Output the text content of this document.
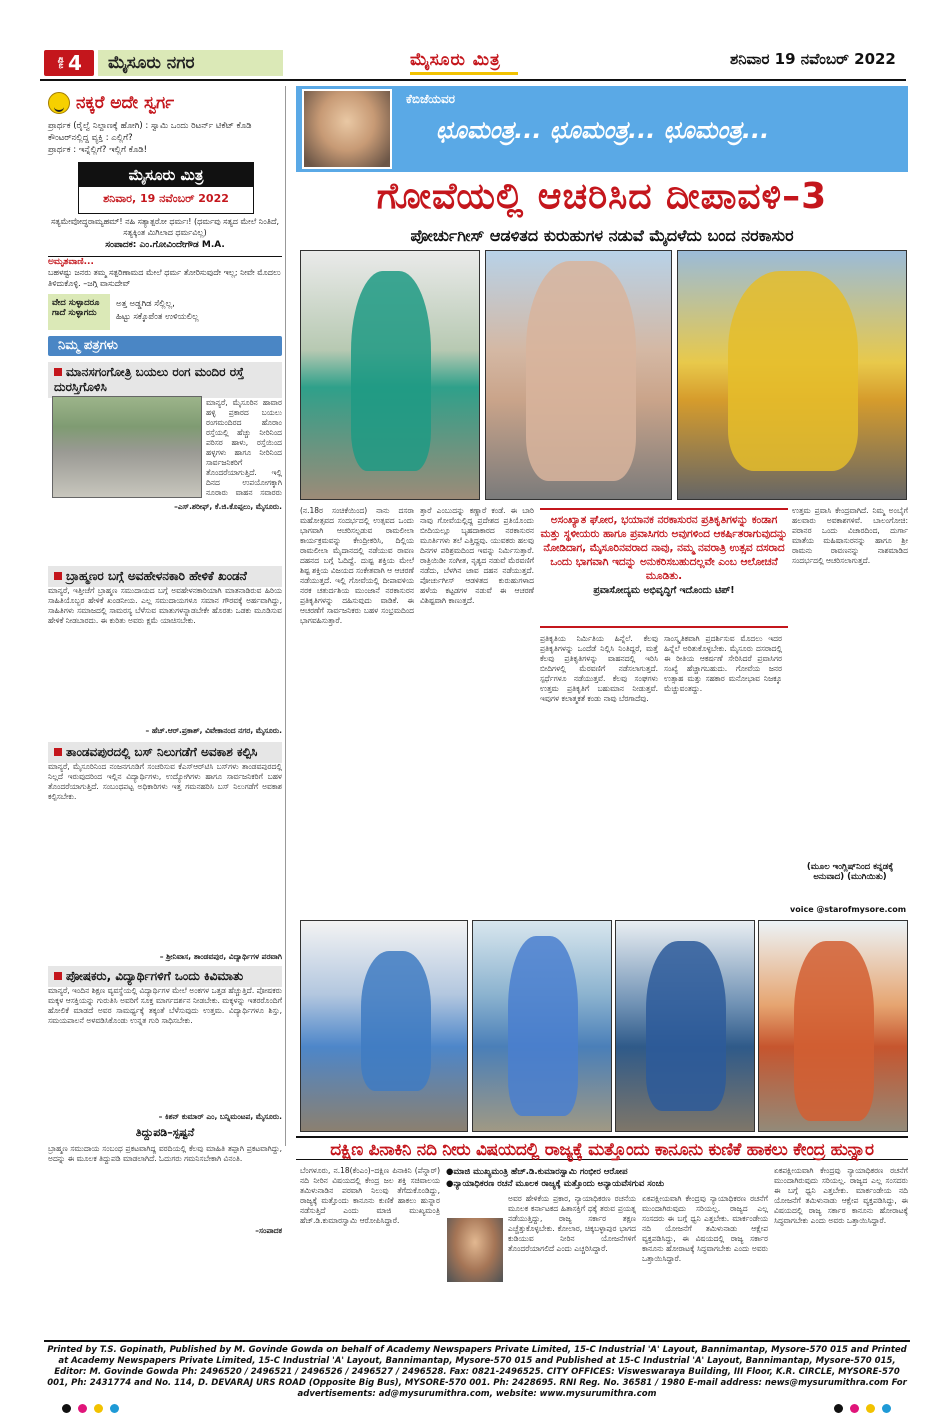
ಪುಟ 4	ಮೈಸೂರು ನಗರ	ಮೈಸೂರು ಮಿತ್ರ	ಶನಿವಾರ 19 ನವೆಂಬರ್ 2022
ನಕ್ಕರೆ ಅದೇ ಸ್ವರ್ಗ
ಪ್ರಾರ್ಥಕ (ರೈಲ್ವೆ ನಿಲ್ದಾಣಕ್ಕೆ ಹೋಗಿ) : ಸ್ವಾಮಿ ಒಂದು ರಿಟರ್ನ್ ಟಿಕೆಟ್ ಕೊಡಿ
ಕೌಂಟರ್‌ನಲ್ಲಿದ್ದ ವ್ಯಕ್ತಿ : ಎಲ್ಲಿಗೆ?
ಪ್ರಾರ್ಥಕ : ಇನ್ನೆಲ್ಲಿಗೆ? ಇಲ್ಲಿಗೆ ಕೊಡಿ!
ಮೈಸೂರು ಮಿತ್ರ
ಶನಿವಾರ, 19 ನವೆಂಬರ್ 2022
ಸತ್ಯಮೇವೋದ್ಧರಾಮ್ಯಹಮ್! ನಹಿ ಸತ್ಯಾತ್ಪರೋ ಧರ್ಮಃ! (ಧರ್ಮವು ಸತ್ಯದ ಮೇಲೆ ನಿಂತಿದೆ, ಸತ್ಯಕ್ಕಿಂತ ಮಿಗಿಲಾದ ಧರ್ಮವಿಲ್ಲ)
ಸಂಪಾದಕ: ಎಂ.ಗೋವಿಂದೇಗೌಡ M.A.
ಅಮೃತವಾಣಿ...
ಬಹಳಷ್ಟು ಜನರು ತಮ್ಮ ಸತ್ಪರಿಣಾಮದ ಮೇಲೆ ಧರ್ಮ ತೋರಿಸುವುದೇ ಇಲ್ಲ; ನೀವೇ ಮೊದಲು ತಿಳಿದುಕೊಳ್ಳಿ. –ಜಗ್ಗಿ ವಾಸುದೇವ್
ವೇದ ಸುಳ್ಳಾದರೂ ಗಾದೆ ಸುಳ್ಳಾಗದು
ಅತ್ತ ಅಡ್ಡಗಿಡ ಸೆಲ್ಲಿಲ್ಲ,
ಹಿಟ್ಟು ಸಕ್ಕೊಪೆಂತ ಉಳಿಯಲಿಲ್ಲ
ನಿಮ್ಮ ಪತ್ರಗಳು
ಮಾನಸಗಂಗೋತ್ರಿ ಬಯಲು ರಂಗ ಮಂದಿರ ರಸ್ತೆ ದುರಸ್ತಿಗೊಳಿಸಿ
ಮಾನ್ಯರೆ, ಮೈಸೂರಿನ ಹಾವಾರ ಹಳ್ಳಿ ಪ್ರಕಾರದ ಬಯಲು ರಂಗಮಂದಿರದ ಹೊರಾಂ ರಸ್ತೆಯಲ್ಲಿ ಹೆಚ್ಚು ನೀರಿನಿಂದ ಪರಿಸರ ಹಾಳು, ರಸ್ತೆಯಿಂದ ಹಳ್ಳಗಳು ಹಾಗೂ ನೀರಿನಿಂದ ಸಾರ್ವಜನಿಕರಿಗೆ ತೊಂದರೆಯಾಗುತ್ತಿದೆ. ಇಲ್ಲಿ ದಿನದ ಉಪಯೋಗಕ್ಕಾಗಿ ನೂರಾರು ವಾಹನ ಸವಾರರು
–ಎಸ್.ಶರೀಫ್, ಕೆ.ಜಿ.ಕೊಪ್ಪಲು, ಮೈಸೂರು.
ಬ್ರಾಹ್ಮಣರ ಬಗ್ಗೆ ಅವಹೇಳನಕಾರಿ ಹೇಳಿಕೆ ಖಂಡನೆ
ಮಾನ್ಯರೆ, ಇತ್ತೀಚೆಗೆ ಬ್ರಾಹ್ಮಣ ಸಮುದಾಯದ ಬಗ್ಗೆ ಅವಹೇಳನಕಾರಿಯಾಗಿ ಮಾತನಾಡಿರುವ ಹಿರಿಯ ಸಾಹಿತಿಯೊಬ್ಬರ ಹೇಳಿಕೆ ಖಂಡನೀಯ. ಎಲ್ಲ ಸಮುದಾಯಗಳೂ ಸಮಾನ ಗೌರವಕ್ಕೆ ಅರ್ಹವಾಗಿದ್ದು, ಸಾಹಿತಿಗಳು ಸಮಾಜದಲ್ಲಿ ಸಾಮರಸ್ಯ ಬೆಳೆಸುವ ಮಾತುಗಳನ್ನಾಡಬೇಕೇ ಹೊರತು ಒಡಕು ಮೂಡಿಸುವ ಹೇಳಿಕೆ ನೀಡಬಾರದು. ಈ ಕುರಿತು ಅವರು ಕ್ಷಮೆ ಯಾಚಿಸಬೇಕು.
– ಹೆಚ್.ಆರ್.ಪ್ರಕಾಶ್, ವಿವೇಕಾನಂದ ನಗರ, ಮೈಸೂರು.
ತಾಂಡವಪುರದಲ್ಲಿ ಬಸ್ ನಿಲುಗಡೆಗೆ ಅವಕಾಶ ಕಲ್ಪಿಸಿ
ಮಾನ್ಯರೆ, ಮೈಸೂರಿನಿಂದ ನಂಜನಗೂಡಿಗೆ ಸಂಚರಿಸುವ ಕೆಎಸ್ಆರ್‌ಟಿಸಿ ಬಸ್‌ಗಳು ತಾಂಡವಪುರದಲ್ಲಿ ನಿಲ್ಲದೆ ಇರುವುದರಿಂದ ಇಲ್ಲಿನ ವಿದ್ಯಾರ್ಥಿಗಳು, ಉದ್ಯೋಗಿಗಳು ಹಾಗೂ ಸಾರ್ವಜನಿಕರಿಗೆ ಬಹಳ ತೊಂದರೆಯಾಗುತ್ತಿದೆ. ಸಂಬಂಧಪಟ್ಟ ಅಧಿಕಾರಿಗಳು ಇತ್ತ ಗಮನಹರಿಸಿ ಬಸ್ ನಿಲುಗಡೆಗೆ ಅವಕಾಶ ಕಲ್ಪಿಸಬೇಕು.
– ಶ್ರೀನಿವಾಸ, ತಾಂಡವಪುರ, ವಿದ್ಯಾರ್ಥಿಗಳ ಪರವಾಗಿ
ಪೋಷಕರು, ವಿದ್ಯಾರ್ಥಿಗಳಿಗೆ ಒಂದು ಕಿವಿಮಾತು
ಮಾನ್ಯರೆ, ಇಂದಿನ ಶಿಕ್ಷಣ ವ್ಯವಸ್ಥೆಯಲ್ಲಿ ವಿದ್ಯಾರ್ಥಿಗಳ ಮೇಲೆ ಅಂಕಗಳ ಒತ್ತಡ ಹೆಚ್ಚುತ್ತಿದೆ. ಪೋಷಕರು ಮಕ್ಕಳ ಆಸಕ್ತಿಯನ್ನು ಗುರುತಿಸಿ ಅವರಿಗೆ ಸೂಕ್ತ ಮಾರ್ಗದರ್ಶನ ನೀಡಬೇಕು. ಮಕ್ಕಳನ್ನು ಇತರರೊಂದಿಗೆ ಹೋಲಿಕೆ ಮಾಡದೆ ಅವರ ಸಾಮರ್ಥ್ಯಕ್ಕೆ ತಕ್ಕಂತೆ ಬೆಳೆಸುವುದು ಉತ್ತಮ. ವಿದ್ಯಾರ್ಥಿಗಳೂ ಶಿಸ್ತು, ಸಮಯಪಾಲನೆ ಅಳವಡಿಸಿಕೊಂಡು ಉನ್ನತ ಗುರಿ ಸಾಧಿಸಬೇಕು.
– ಕಿಶನ್ ಕುಮಾರ್ ಎಂ, ಬನ್ನಿಮಂಟಪ, ಮೈಸೂರು.
ತಿದ್ದುಪಡಿ–ಸ್ಪಷ್ಟನೆ
ಬ್ರಾಹ್ಮಣ ಸಮುದಾಯ ಸಂಬಂಧ ಪ್ರಕಟವಾಗಿದ್ದ ವರದಿಯಲ್ಲಿ ಕೆಲವು ಮಾಹಿತಿ ತಪ್ಪಾಗಿ ಪ್ರಕಟವಾಗಿದ್ದು, ಅದನ್ನು ಈ ಮೂಲಕ ತಿದ್ದುಪಡಿ ಮಾಡಲಾಗಿದೆ. ಓದುಗರು ಗಮನಿಸಬೇಕಾಗಿ ವಿನಂತಿ.
–ಸಂಪಾದಕ
ಕೆಬಿಜೆಯವರ
ಛೂಮಂತ್ರ... ಛೂಮಂತ್ರ... ಛೂಮಂತ್ರ...
ಗೋವೆಯಲ್ಲಿ ಆಚರಿಸಿದ ದೀಪಾವಳಿ–3
ಪೋರ್ಚುಗೀಸ್ ಆಡಳಿತದ ಕುರುಹುಗಳ ನಡುವೆ ಮೈದಳೆದು ಬಂದ ನರಕಾಸುರ
(ನ.18ರ ಸಂಚಿಕೆಯಿಂದ) ನಾನು ದಸರಾ ಮಹೋತ್ಸವದ ಸಂದರ್ಭದಲ್ಲಿ ಉತ್ಸವದ ಒಂದು ಭಾಗವಾಗಿ ಆಚರಿಸಲ್ಪಡುವ ರಾಮಲೀಲಾ ಕಾರ್ಯಕ್ರಮವನ್ನು ಕೇಂದ್ರೀಕರಿಸಿ, ದಿಲ್ಲಿಯ ರಾಮಲೀಲಾ ಮೈದಾನದಲ್ಲಿ ನಡೆಯುವ ರಾವಣ ದಹನದ ಬಗ್ಗೆ ಓದಿದ್ದೆ. ದುಷ್ಟ ಶಕ್ತಿಯ ಮೇಲೆ ಶಿಷ್ಟ ಶಕ್ತಿಯ ವಿಜಯದ ಸಂಕೇತವಾಗಿ ಆ ಆಚರಣೆ ನಡೆಯುತ್ತದೆ. ಇಲ್ಲಿ ಗೋವೆಯಲ್ಲಿ ದೀಪಾವಳಿಯ ನರಕ ಚತುರ್ದಶಿಯ ಮುಂಜಾನೆ ನರಕಾಸುರನ ಪ್ರತಿಕೃತಿಗಳನ್ನು ದಹಿಸುವುದು ವಾಡಿಕೆ. ಈ ಆಚರಣೆಗೆ ಸಾರ್ವಜನಿಕರು ಬಹಳ ಸಂಭ್ರಮದಿಂದ ಭಾಗವಹಿಸುತ್ತಾರೆ.
ತ್ತಾರೆ ಎಂಬುದನ್ನು ಕಣ್ಣಾರೆ ಕಂಡೆ. ಈ ಬಾರಿ ನಾವು ಗೋವೆಯಲ್ಲಿದ್ದ ಪ್ರದೇಶದ ಪ್ರತಿಯೊಂದು ಬೀದಿಯಲ್ಲೂ ಬೃಹದಾಕಾರದ ನರಕಾಸುರನ ಮೂರ್ತಿಗಳು ತಲೆ ಎತ್ತಿದ್ದವು. ಯುವಕರು ಹಲವು ದಿನಗಳ ಪರಿಶ್ರಮದಿಂದ ಇವನ್ನು ನಿರ್ಮಿಸುತ್ತಾರೆ. ರಾತ್ರಿಯಿಡೀ ಸಂಗೀತ, ನೃತ್ಯದ ನಡುವೆ ಮೆರವಣಿಗೆ ನಡೆದು, ಬೆಳಗಿನ ಜಾವ ದಹನ ನಡೆಯುತ್ತದೆ. ಪೋರ್ಚುಗೀಸ್ ಆಡಳಿತದ ಕುರುಹುಗಳಾದ ಹಳೆಯ ಕಟ್ಟಡಗಳ ನಡುವೆ ಈ ಆಚರಣೆ ವಿಶಿಷ್ಟವಾಗಿ ಕಾಣುತ್ತದೆ.
ಅಸಂಖ್ಯಾತ ಘೋರ, ಭಯಾನಕ ನರಕಾಸುರನ ಪ್ರತಿಕೃತಿಗಳನ್ನು ಕಂಡಾಗ ಮತ್ತು ಸ್ಥಳೀಯರು ಹಾಗೂ ಪ್ರವಾಸಿಗರು ಅವುಗಳಿಂದ ಆಕರ್ಷಿತರಾಗುವುದನ್ನು ನೋಡಿದಾಗ, ಮೈಸೂರಿನವರಾದ ನಾವು, ನಮ್ಮ ನವರಾತ್ರಿ ಉತ್ಸವ ದಸರಾದ ಒಂದು ಭಾಗವಾಗಿ ಇದನ್ನು ಅನುಕರಿಸಬಹುದಲ್ಲವೇ ಎಂಬ ಆಲೋಚನೆ ಮೂಡಿತು.
ಪ್ರವಾಸೋದ್ಯಮ ಅಭಿವೃದ್ಧಿಗೆ ಇದೊಂದು ಟಿಪ್!
ಪ್ರತಿಕೃತಿಯ ನಿರ್ಮಿತಿಯ ಹಿನ್ನೆಲೆ. ಕೆಲವು ಪ್ರತಿಕೃತಿಗಳನ್ನು ಒಂದೆಡೆ ನಿಲ್ಲಿಸಿ ನಿಂತಿದ್ದರೆ, ಮತ್ತೆ ಕೆಲವು ಪ್ರತಿಕೃತಿಗಳನ್ನು ವಾಹನದಲ್ಲಿ ಇರಿಸಿ ಬೀದಿಗಳಲ್ಲಿ ಮೆರವಣಿಗೆ ನಡೆಸಲಾಗುತ್ತದೆ. ಸ್ಪರ್ಧೆಗಳೂ ನಡೆಯುತ್ತವೆ. ಕೆಲವು ಸಂಘಗಳು ಉತ್ತಮ ಪ್ರತಿಕೃತಿಗೆ ಬಹುಮಾನ ನೀಡುತ್ತವೆ. ಇವುಗಳ ಕಲಾತ್ಮಕತೆ ಕಂಡು ನಾವು ಬೆರಗಾದೆವು.
ಸಾಂಸ್ಕೃತಿಕವಾಗಿ ಪ್ರದರ್ಶಿಸುವ ಮೊದಲು ಇದರ ಹಿನ್ನೆಲೆ ಅರಿತುಕೊಳ್ಳಬೇಕು. ಮೈಸೂರು ದಸರಾದಲ್ಲಿ ಈ ರೀತಿಯ ಆಕರ್ಷಣೆ ಸೇರಿಸಿದರೆ ಪ್ರವಾಸಿಗರ ಸಂಖ್ಯೆ ಹೆಚ್ಚಾಗಬಹುದು. ಗೋವೆಯ ಜನರ ಉತ್ಸಾಹ ಮತ್ತು ಸಹಕಾರ ಮನೋಭಾವ ನಿಜಕ್ಕೂ ಮೆಚ್ಚುವಂತದ್ದು.
ಉತ್ತಮ ಪ್ರವಾಸಿ ಕೇಂದ್ರವಾಗಿದೆ. ನಿಮ್ಮ ಅಂಬೈಗೆ ಹಲವಾರು ಅವಕಾಶಗಳಿವೆ. ಬಾಲಂಗೋಚಿ: ಪರಾನರ ಒಂದು ವಿಚಾರದಿಂದ, ದುರ್ಗಾ ಮಾತೆಯ ಮಹಿಷಾಸುರನನ್ನು ಹಾಗೂ ಶ್ರೀ ರಾಮನು ರಾವಣನನ್ನು ನಾಶಮಾಡಿದ ಸಂದರ್ಭದಲ್ಲಿ ಆಚರಿಸಲಾಗುತ್ತದೆ.
(ಮೂಲ ಇಂಗ್ಲಿಷ್‌ನಿಂದ ಕನ್ನಡಕ್ಕೆ ಅನುವಾದ) (ಮುಗಿಯಿತು)
voice @starofmysore.com
ದಕ್ಷಿಣ ಪಿನಾಕಿನಿ ನದಿ ನೀರು ವಿಷಯದಲ್ಲಿ ರಾಜ್ಯಕ್ಕೆ ಮತ್ತೊಂದು ಕಾನೂನು ಕುಣಿಕೆ ಹಾಕಲು ಕೇಂದ್ರ ಹುನ್ನಾರ
ಬೆಂಗಳೂರು, ನ.18(ಕೆಂಎಂ)–ದಕ್ಷಿಣ ಪಿನಾಕಿನಿ (ಪೆನ್ನಾರ್) ನದಿ ನೀರಿನ ವಿಷಯದಲ್ಲಿ ಕೇಂದ್ರ ಜಲ ಶಕ್ತಿ ಸಚಿವಾಲಯ ತಮಿಳುನಾಡಿನ ಪರವಾಗಿ ನಿಲುವು ತೆಗೆದುಕೊಂಡಿದ್ದು, ರಾಜ್ಯಕ್ಕೆ ಮತ್ತೊಂದು ಕಾನೂನು ಕುಣಿಕೆ ಹಾಕಲು ಹುನ್ನಾರ ನಡೆಸುತ್ತಿದೆ ಎಂದು ಮಾಜಿ ಮುಖ್ಯಮಂತ್ರಿ ಹೆಚ್.ಡಿ.ಕುಮಾರಸ್ವಾಮಿ ಆರೋಪಿಸಿದ್ದಾರೆ.
●ಮಾಜಿ ಮುಖ್ಯಮಂತ್ರಿ ಹೆಚ್.ಡಿ.ಕುಮಾರಸ್ವಾಮಿ ಗಂಭೀರ ಆರೋಪ
●ನ್ಯಾಯಾಧಿಕರಣ ರಚನೆ ಮೂಲಕ ರಾಜ್ಯಕ್ಕೆ ಮತ್ತೊಂದು ಅನ್ಯಾಯವೆಸಗುವ ಸಂಚು
ಅವರ ಹೇಳಿಕೆಯ ಪ್ರಕಾರ, ನ್ಯಾಯಾಧಿಕರಣ ರಚನೆಯ ಮೂಲಕ ಕರ್ನಾಟಕದ ಹಿತಾಸಕ್ತಿಗೆ ಧಕ್ಕೆ ತರುವ ಪ್ರಯತ್ನ ನಡೆಯುತ್ತಿದ್ದು, ರಾಜ್ಯ ಸರ್ಕಾರ ತಕ್ಷಣ ಎಚ್ಚೆತ್ತುಕೊಳ್ಳಬೇಕು. ಕೋಲಾರ, ಚಿಕ್ಕಬಳ್ಳಾಪುರ ಭಾಗದ ಕುಡಿಯುವ ನೀರಿನ ಯೋಜನೆಗಳಿಗೆ ತೊಂದರೆಯಾಗಲಿದೆ ಎಂದು ಎಚ್ಚರಿಸಿದ್ದಾರೆ.
ಏಕಪಕ್ಷೀಯವಾಗಿ ಕೇಂದ್ರವು ನ್ಯಾಯಾಧಿಕರಣ ರಚನೆಗೆ ಮುಂದಾಗಿರುವುದು ಸರಿಯಲ್ಲ. ರಾಜ್ಯದ ಎಲ್ಲ ಸಂಸದರು ಈ ಬಗ್ಗೆ ಧ್ವನಿ ಎತ್ತಬೇಕು. ಮಾರ್ಕಂಡೇಯ ನದಿ ಯೋಜನೆಗೆ ತಮಿಳುನಾಡು ಆಕ್ಷೇಪ ವ್ಯಕ್ತಪಡಿಸಿದ್ದು, ಈ ವಿಷಯದಲ್ಲಿ ರಾಜ್ಯ ಸರ್ಕಾರ ಕಾನೂನು ಹೋರಾಟಕ್ಕೆ ಸಿದ್ಧವಾಗಬೇಕು ಎಂದು ಅವರು ಒತ್ತಾಯಿಸಿದ್ದಾರೆ.
ಏಕಪಕ್ಷೀಯವಾಗಿ ಕೇಂದ್ರವು ನ್ಯಾಯಾಧಿಕರಣ ರಚನೆಗೆ ಮುಂದಾಗಿರುವುದು ಸರಿಯಲ್ಲ. ರಾಜ್ಯದ ಎಲ್ಲ ಸಂಸದರು ಈ ಬಗ್ಗೆ ಧ್ವನಿ ಎತ್ತಬೇಕು. ಮಾರ್ಕಂಡೇಯ ನದಿ ಯೋಜನೆಗೆ ತಮಿಳುನಾಡು ಆಕ್ಷೇಪ ವ್ಯಕ್ತಪಡಿಸಿದ್ದು, ಈ ವಿಷಯದಲ್ಲಿ ರಾಜ್ಯ ಸರ್ಕಾರ ಕಾನೂನು ಹೋರಾಟಕ್ಕೆ ಸಿದ್ಧವಾಗಬೇಕು ಎಂದು ಅವರು ಒತ್ತಾಯಿಸಿದ್ದಾರೆ.
Printed by T.S. Gopinath, Published by M. Govinde Gowda on behalf of Academy Newspapers Private Limited, 15-C Industrial 'A' Layout, Bannimantap, Mysore-570 015 and Printed at Academy Newspapers Private Limited, 15-C Industrial 'A' Layout, Bannimantap, Mysore-570 015 and Published at 15-C Industrial 'A' Layout, Bannimantap, Mysore-570 015, Editor: M. Govinde Gowda Ph: 2496520 / 2496521 / 2496526 / 2496527 / 2496528. Fax: 0821-2496525. CITY OFFICES: Visweswaraya Building, III Floor, K.R. CIRCLE, MYSORE-570 001, Ph: 2431774 and No. 114, D. DEVARAJ URS ROAD (Opposite Big Bus), MYSORE-570 001. Ph: 2428695. RNI Reg. No. 36581 / 1980 E-mail address: news@mysurumithra.com For advertisements: ad@mysurumithra.com, website: www.mysurumithra.com
